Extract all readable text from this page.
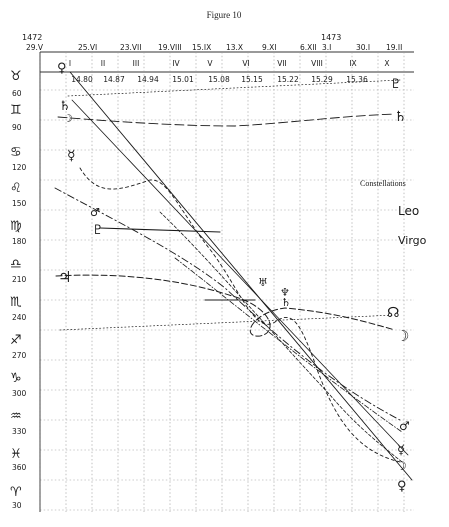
Figure 10
1472	1473
29.V	25.VI	23.VII 19.VIII 15.IX 13.X	9.XI	6.XII 3.I	30.I 19.II
I	II	III	IV	V	VI	VII	VIII	IX	X
14.80 14.87 14.94 15.01 15.08 15.15 15.22 15.29 15.36
60
90
120
150
180
210
240
270
300
330
360
30
♉
♊
♋
♌
♍
♎
♏
♐
♑
♒
♓
♈
♀
♄
☽
☿
♂
♇
♃	♅
♆
♄
♇
♄
☊
☽
♂
☿
☽
♀
Constellations
Leo
Virgo
